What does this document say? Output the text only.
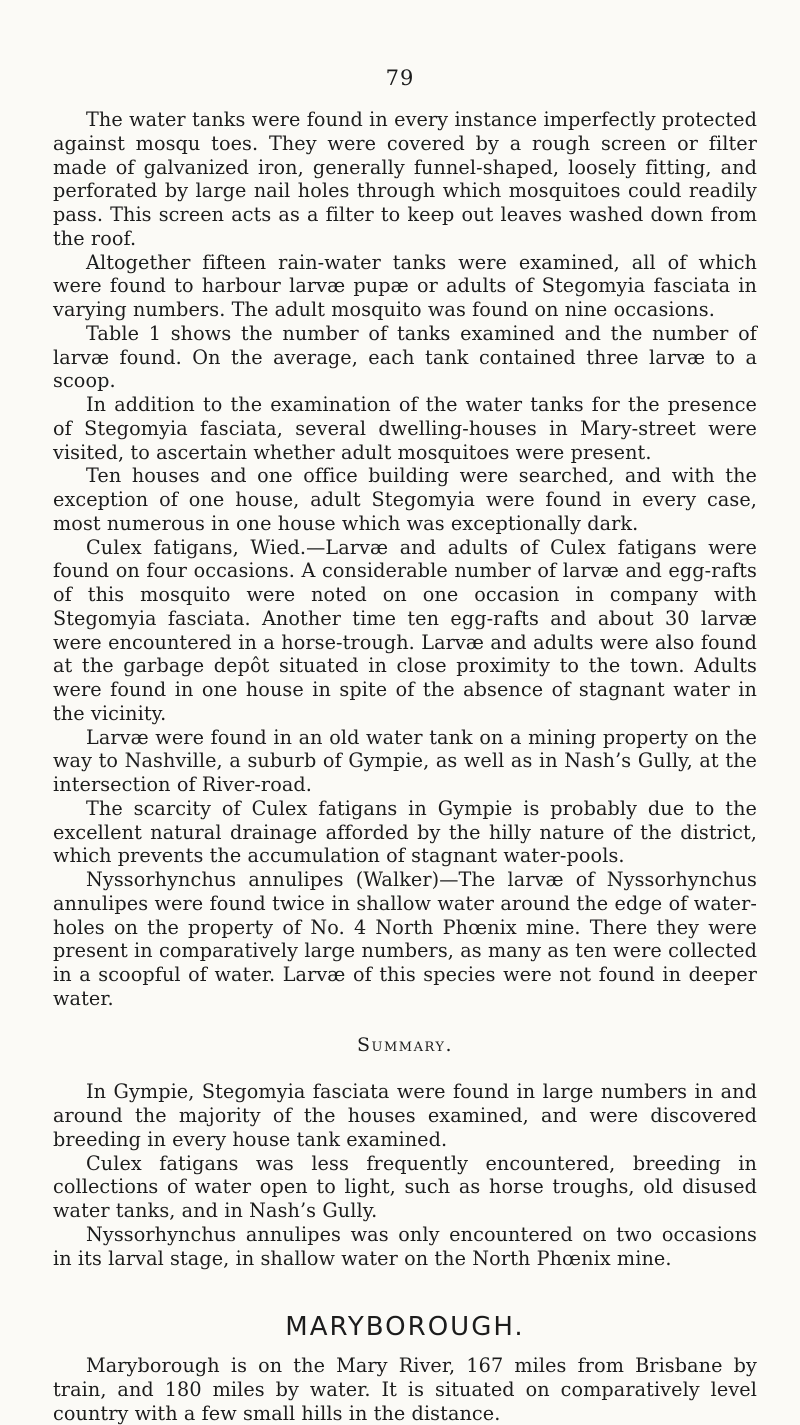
79

The water tanks were found in every instance imperfectly protected against mosqu toes. They were covered by a rough screen or filter made of galvanized iron, generally funnel-shaped, loosely fitting, and perforated by large nail holes through which mosquitoes could readily pass. This screen acts as a filter to keep out leaves washed down from the roof.

Altogether fifteen rain-water tanks were examined, all of which were found to harbour larvæ pupæ or adults of Stegomyia fasciata in varying numbers. The adult mosquito was found on nine occasions.

Table 1 shows the number of tanks examined and the number of larvæ found. On the average, each tank contained three larvæ to a scoop.

In addition to the examination of the water tanks for the presence of Stegomyia fasciata, several dwelling-houses in Mary-street were visited, to ascertain whether adult mosquitoes were present.

Ten houses and one office building were searched, and with the exception of one house, adult Stegomyia were found in every case, most numerous in one house which was exceptionally dark.

Culex fatigans, Wied.—Larvæ and adults of Culex fatigans were found on four occasions. A considerable number of larvæ and egg-rafts of this mosquito were noted on one occasion in company with Stegomyia fasciata. Another time ten egg-rafts and about 30 larvæ were encountered in a horse-trough. Larvæ and adults were also found at the garbage depôt situated in close proximity to the town. Adults were found in one house in spite of the absence of stagnant water in the vicinity.

Larvæ were found in an old water tank on a mining property on the way to Nashville, a suburb of Gympie, as well as in Nash’s Gully, at the intersection of River-road.

The scarcity of Culex fatigans in Gympie is probably due to the excellent natural drainage afforded by the hilly nature of the district, which prevents the accumulation of stagnant water-pools.

Nyssorhynchus annulipes (Walker)—The larvæ of Nyssorhynchus annulipes were found twice in shallow water around the edge of water-holes on the property of No. 4 North Phœnix mine. There they were present in comparatively large numbers, as many as ten were collected in a scoopful of water. Larvæ of this species were not found in deeper water.

Summary.

In Gympie, Stegomyia fasciata were found in large numbers in and around the majority of the houses examined, and were discovered breeding in every house tank examined.

Culex fatigans was less frequently encountered, breeding in collections of water open to light, such as horse troughs, old disused water tanks, and in Nash’s Gully.

Nyssorhynchus annulipes was only encountered on two occasions in its larval stage, in shallow water on the North Phœnix mine.

MARYBOROUGH.

Maryborough is on the Mary River, 167 miles from Brisbane by train, and 180 miles by water. It is situated on comparatively level country with a few small hills in the distance.
